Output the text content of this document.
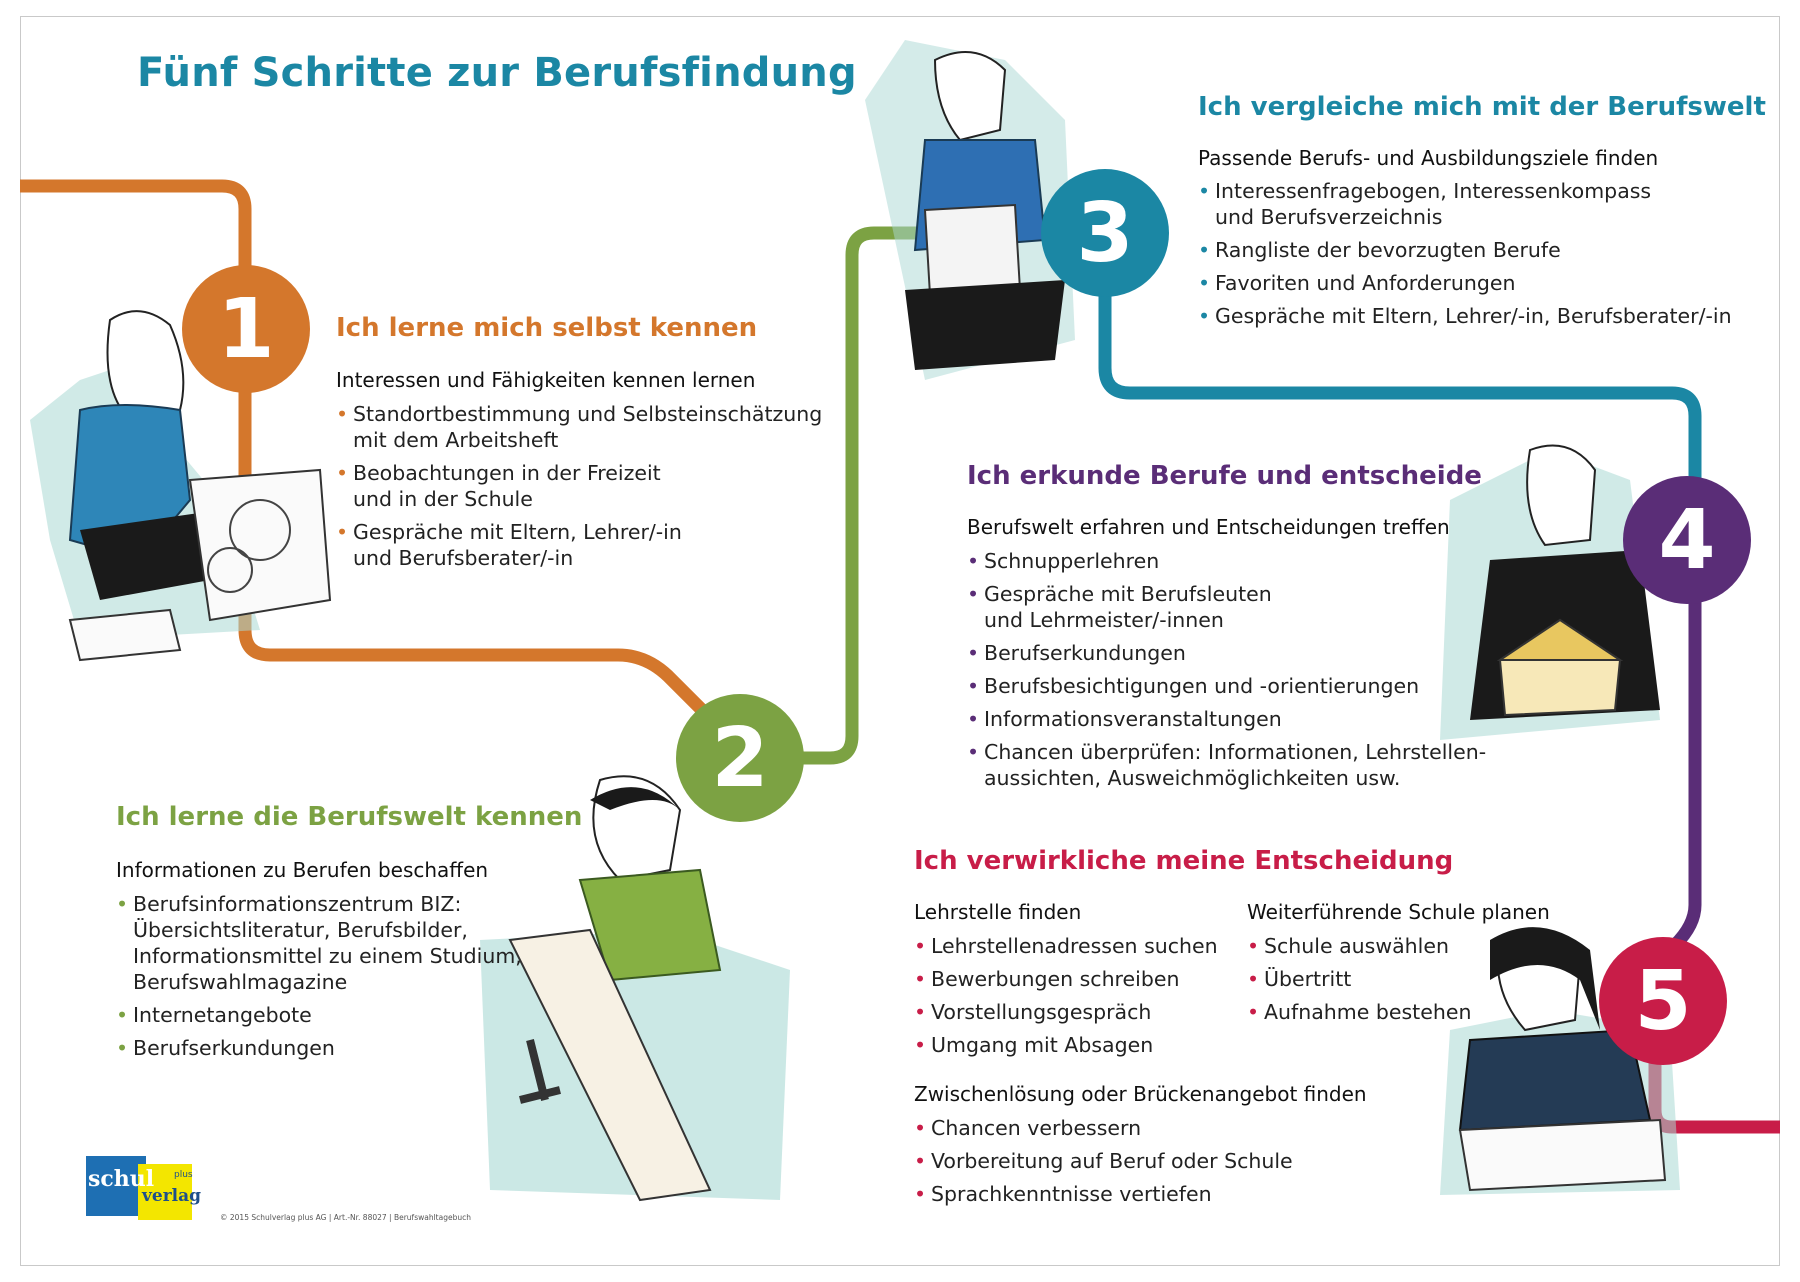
Fünf Schritte zur Berufsfindung
1
2
3
4
5
Ich lerne mich selbst kennen
Interessen und Fähigkeiten kennen lernen
• Standortbestimmung und Selbsteinschätzung
mit dem Arbeitsheft
• Beobachtungen in der Freizeit
und in der Schule
• Gespräche mit Eltern, Lehrer/-in
und Berufsberater/-in
Ich lerne die Berufswelt kennen
Informationen zu Berufen beschaffen
• Berufsinformationszentrum BIZ:
Übersichtsliteratur, Berufsbilder,
Informationsmittel zu einem Studium,
Berufswahlmagazine
• Internetangebote
• Berufserkundungen
Ich vergleiche mich mit der Berufswelt
Passende Berufs- und Ausbildungsziele finden
• Interessenfragebogen, Interessenkompass
und Berufsverzeichnis
• Rangliste der bevorzugten Berufe
• Favoriten und Anforderungen
• Gespräche mit Eltern, Lehrer/-in, Berufsberater/-in
Ich erkunde Berufe und entscheide
Berufswelt erfahren und Entscheidungen treffen
• Schnupperlehren
• Gespräche mit Berufsleuten
und Lehrmeister/-innen
• Berufserkundungen
• Berufsbesichtigungen und -orientierungen
• Informationsveranstaltungen
• Chancen überprüfen: Informationen, Lehrstellen-
aussichten, Ausweichmöglichkeiten usw.
Ich verwirkliche meine Entscheidung
Lehrstelle finden
• Lehrstellenadressen suchen
• Bewerbungen schreiben
• Vorstellungsgespräch
• Umgang mit Absagen
Weiterführende Schule planen
• Schule auswählen
• Übertritt
• Aufnahme bestehen
Zwischenlösung oder Brückenangebot finden
• Chancen verbessern
• Vorbereitung auf Beruf oder Schule
• Sprachkenntnisse vertiefen
schul
verlag
plus
© 2015 Schulverlag plus AG | Art.-Nr. 88027 | Berufswahltagebuch
